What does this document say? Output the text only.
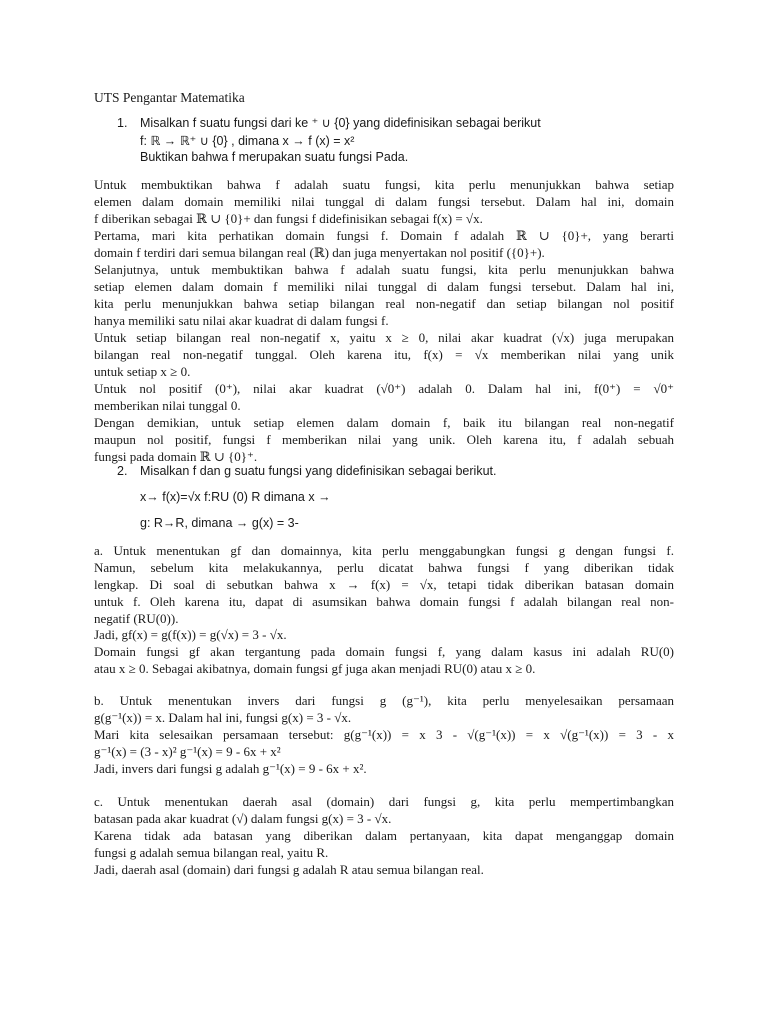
UTS Pengantar Matematika
1. Misalkan f suatu fungsi dari ke ⁺ ∪ {0} yang didefinisikan sebagai berikut
f: ℝ → ℝ⁺ ∪ {0} , dimana x → f (x) = x²
Buktikan bahwa f merupakan suatu fungsi Pada.
Untuk membuktikan bahwa f adalah suatu fungsi, kita perlu menunjukkan bahwa setiap
elemen dalam domain memiliki nilai tunggal di dalam fungsi tersebut. Dalam hal ini, domain
f diberikan sebagai ℝ ∪ {0}+ dan fungsi f didefinisikan sebagai f(x) = √x.
Pertama, mari kita perhatikan domain fungsi f. Domain f adalah ℝ ∪ {0}+, yang berarti
domain f terdiri dari semua bilangan real (ℝ) dan juga menyertakan nol positif ({0}+).
Selanjutnya, untuk membuktikan bahwa f adalah suatu fungsi, kita perlu menunjukkan bahwa
setiap elemen dalam domain f memiliki nilai tunggal di dalam fungsi tersebut. Dalam hal ini,
kita perlu menunjukkan bahwa setiap bilangan real non-negatif dan setiap bilangan nol positif
hanya memiliki satu nilai akar kuadrat di dalam fungsi f.
Untuk setiap bilangan real non-negatif x, yaitu x ≥ 0, nilai akar kuadrat (√x) juga merupakan
bilangan real non-negatif tunggal. Oleh karena itu, f(x) = √x memberikan nilai yang unik
untuk setiap x ≥ 0.
Untuk nol positif (0⁺), nilai akar kuadrat (√0⁺) adalah 0. Dalam hal ini, f(0⁺) = √0⁺
memberikan nilai tunggal 0.
Dengan demikian, untuk setiap elemen dalam domain f, baik itu bilangan real non-negatif
maupun nol positif, fungsi f memberikan nilai yang unik. Oleh karena itu, f adalah sebuah
fungsi pada domain ℝ ∪ {0}⁺.
2. Misalkan f dan g suatu fungsi yang didefinisikan sebagai berikut.
x→ f(x)=√x f:RU (0) R dimana x →
g: R→R, dimana → g(x) = 3-
a. Untuk menentukan gf dan domainnya, kita perlu menggabungkan fungsi g dengan fungsi f.
Namun, sebelum kita melakukannya, perlu dicatat bahwa fungsi f yang diberikan tidak
lengkap. Di soal di sebutkan bahwa x → f(x) = √x, tetapi tidak diberikan batasan domain
untuk f. Oleh karena itu, dapat di asumsikan bahwa domain fungsi f adalah bilangan real non-
negatif (RU(0)).
Jadi, gf(x) = g(f(x)) = g(√x) = 3 - √x.
Domain fungsi gf akan tergantung pada domain fungsi f, yang dalam kasus ini adalah RU(0)
atau x ≥ 0. Sebagai akibatnya, domain fungsi gf juga akan menjadi RU(0) atau x ≥ 0.
b. Untuk menentukan invers dari fungsi g (g⁻¹), kita perlu menyelesaikan persamaan
g(g⁻¹(x)) = x. Dalam hal ini, fungsi g(x) = 3 - √x.
Mari kita selesaikan persamaan tersebut: g(g⁻¹(x)) = x 3 - √(g⁻¹(x)) = x √(g⁻¹(x)) = 3 - x
g⁻¹(x) = (3 - x)² g⁻¹(x) = 9 - 6x + x²
Jadi, invers dari fungsi g adalah g⁻¹(x) = 9 - 6x + x².
c. Untuk menentukan daerah asal (domain) dari fungsi g, kita perlu mempertimbangkan
batasan pada akar kuadrat (√) dalam fungsi g(x) = 3 - √x.
Karena tidak ada batasan yang diberikan dalam pertanyaan, kita dapat menganggap domain
fungsi g adalah semua bilangan real, yaitu R.
Jadi, daerah asal (domain) dari fungsi g adalah R atau semua bilangan real.
